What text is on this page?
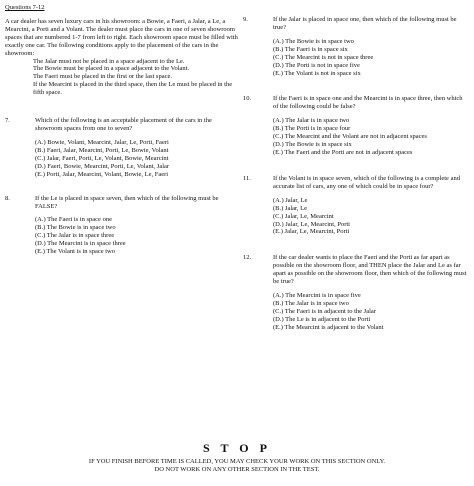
Questions 7-12

A car dealer has seven luxury cars in his showroom: a Bowie, a Faeri, a Jalar, a Le, a Mearcint, a Porti and a Volant. The dealer must place the cars in one of seven showroom spaces that are numbered 1-7 from left to right. Each showroom space must be filled with exactly one car. The following conditions apply to the placement of the cars in the showroom:

The Jalar must not be placed in a space adjacent to the Le.

The Bowie must be placed in a space adjacent to the Volant.

The Faeri must be placed in the first or the last space.

If the Mearcint is placed in the third space, then the Le must be placed in the fifth space.

7.	Which of the following is an acceptable placement of the cars in the showroom spaces from one to seven?

(A.) Bowie, Volant, Mearcint, Jalar, Le, Porti, Faeri

(B.) Faeri, Jalar, Mearcint, Porti, Le, Bowie, Volant

(C.) Jalar, Faeri, Porti, Le, Volant, Bowie, Mearcint

(D.) Faeri, Bowie, Mearcint, Porti, Le, Volant, Jalar

(E.) Porti, Jalar, Mearcint, Volant, Bowie, Le, Faeri

8.	If the Le is placed in space seven, then which of the following must be FALSE?

(A.) The Faeri is in space one

(B.) The Bowie is in space two

(C.) The Jalar is in space three

(D.) The Mearcint is in space three

(E.) The Volant is in space two

9.	If the Jalar is placed in space one, then which of the following must be true?

(A.) The Bowie is in space two

(B.) The Faeri is in space six

(C.) The Mearcint is not in space three

(D.) The Porti is not in space five

(E.) The Volant is not in space six

10.	If the Faeri is in space one and the Mearcint is in space three, then which of the following could be false?

(A.) The Jalar is in space two

(B.) The Porti is in space four

(C.) The Mearcint and the Volant are not in adjacent spaces

(D.) The Bowie is in space six

(E.) The Faeri and the Porti are not in adjacent spaces

11.	If the Volant is in space seven, which of the following is a complete and accurate list of cars, any one of which could be in space four?

(A.) Jalar, Le

(B.) Jalar, Le

(C.) Jalar, Le, Mearcint

(D.) Jalar, Le, Mearcint, Porti

(E.) Jalar, Le, Mearcint, Porti

12.	If the car dealer wants to place the Faeri and the Porti as far apart as possible on the showroom floor, and THEN place the Jalar and Le as far apart as possible on the showroom floor, then which of the following must be true?

(A.) The Mearcint is in space five

(B.) The Jalar is in space two

(C.) The Faeri is in adjacent to the Jalar

(D.) The Le is in adjacent to the Porti

(E.) The Mearcint is adjacent to the Volant

S T O P

IF YOU FINISH BEFORE TIME IS CALLED, YOU MAY CHECK YOUR WORK ON THIS SECTION ONLY.

DO NOT WORK ON ANY OTHER SECTION IN THE TEST.
